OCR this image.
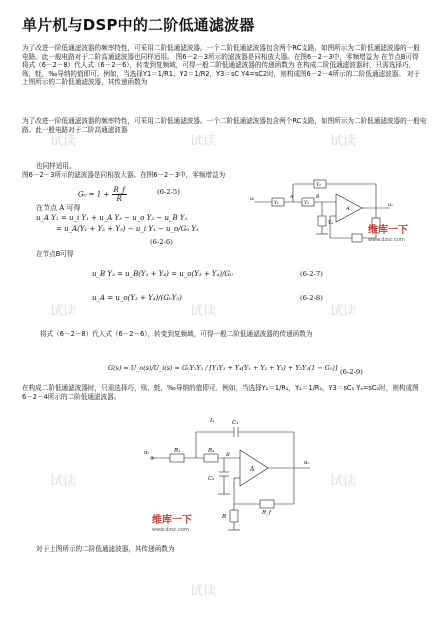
单片机与DSP中的二阶低通滤波器
为了改进一阶低通滤波器的频率特性，可采用二阶低通滤波器。一个二阶低通滤波器包含两个RC支路，如图所示为二阶低通滤波器的一般电路。此一般电路对于二阶高通滤波器也同样适用。 图6－2－3所示的滤波器是同相放大器。在图6－2－3中，零频增益为 在节点B可得 将式（6－2－8）代人式（6－2－6），转变到复频域，可得一般二阶低通滤波器的传递函数为 在构成二阶低通滤波器时，只需选择巧，殇，蚝，‰导纳的值即可。例如，当选择Y1＝1/R1，Y2＝1/R2，Y3＝sC Y4=sC2时，则构成图6－2－4所示的二阶低通滤波器。 对于上图所示的二阶低通滤波器，其传递函数为
为了改进一阶低通滤波器的频率特性，可采用二阶低通滤波器。一个二阶低通滤波器包含两个RC支路，如图所示为二阶低通滤波器的一般电路。此一般电路对于二阶高通滤波器
也同样适用。
图6－2－3所示的滤波器是同相放大器。在图6－2－3中，零频增益为
$G_0 = 1 + \frac{R\_f}{R}$	(6-2-5)
在节点 A 可得
u_A Y₁ = u_i Y₁ + u_A Y₃ − u_o Y₂ − u_B Y₃
= u_A(Y₁ + Y₂ + Y₃) − u_i Y₁ − u_o/G₀ Y₃
(6-2-6)
在节点B可得
u_B Y₃ = u_B(Y₃ + Y₄) = u_o(Y₃ + Y₄)/G₀	(6-2-7)
u_A = u_o(Y₃ + Y₄)/(G₀Y₃)	(6-2-8)
将式（6－2－8）代人式（6－2－6），转变到复频域，可得一般二阶低通滤波器的传递函数为
G(s) = U_o(s)/U_i(s) = G₀Y₁Y₃ / [Y₁Y₃ + Y₄(Y₁ + Y₂ + Y₃) + Y₂Y₃(1 − G₀)] (6-2-9)
在构成二阶低通滤波器时，只需选择巧，殇，蚝，‰导纳的值即可。例如，当选择Y₁＝1/R₁，Y₂＝1/R₂，Y3＝sC₁ Y₄=sC₂时，则构成图6－2－4所示的二阶低通滤波器。
对于上图所示的二阶低通滤波器，其传递函数为
uᵢ
Y₁	Y₃
Y₂
Y₄
A
A	B
uₒ
uᵢ	R₁	R₂
C₁
I₁
C₂
R
R_f
A
B
uₒ
维库一下
www.dzsc.com
维库一下
www.dzsc.com
试读	试读	试读
试读	试读	试读
试读	试读
试读
